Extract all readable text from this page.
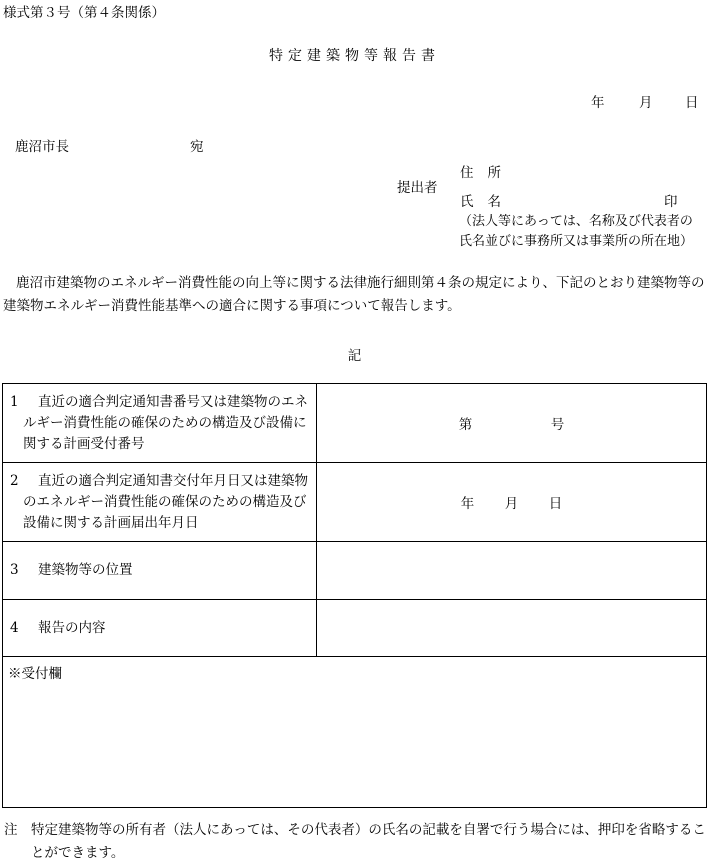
様式第３号（第４条関係）
特定建築物等報告書
年	月 日
鹿沼市長	宛
提出者
住所
氏名	印
（法人等にあっては、名称及び代表者の氏名並びに事務所又は事業所の所在地）
鹿沼市建築物のエネルギー消費性能の向上等に関する法律施行細則第４条の規定により、下記のとおり建築物等の建築物エネルギー消費性能基準への適合に関する事項について報告します。
記
1 直近の適合判定通知書番号又は建築物のエネルギー消費性能の確保のための構造及び設備に関する計画受付番号	第 号

2 直近の適合判定通知書交付年月日又は建築物のエネルギー消費性能の確保のための構造及び設備に関する計画届出年月日	年 月 日

3 建築物等の位置	

4 報告の内容	

※受付欄	
注 特定建築物等の所有者（法人にあっては、その代表者）の氏名の記載を自署で行う場合には、押印を省略することができます。
